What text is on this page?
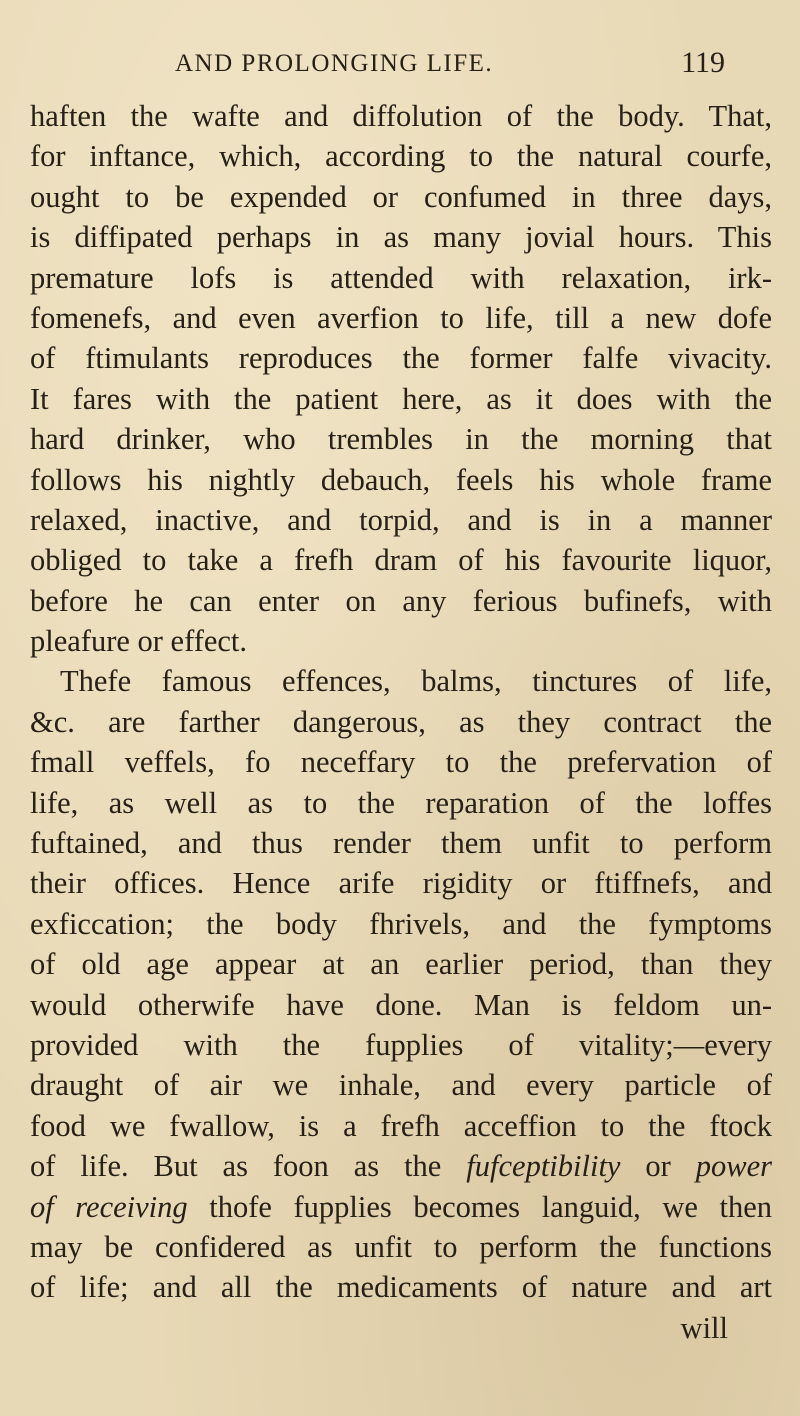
AND PROLONGING LIFE.	119
haften the wafte and diffolution of the body. That,
for inftance, which, according to the natural courfe,
ought to be expended or confumed in three days,
is diffipated perhaps in as many jovial hours. This
premature lofs is attended with relaxation, irk-
fomenefs, and even averfion to life, till a new dofe
of ftimulants reproduces the former falfe vivacity.
It fares with the patient here, as it does with the
hard drinker, who trembles in the morning that
follows his nightly debauch, feels his whole frame
relaxed, inactive, and torpid, and is in a manner
obliged to take a frefh dram of his favourite liquor,
before he can enter on any ferious bufinefs, with
pleafure or effect.
Thefe famous effences, balms, tinctures of life,
&c. are farther dangerous, as they contract the
fmall veffels, fo neceffary to the prefervation of
life, as well as to the reparation of the loffes
fuftained, and thus render them unfit to perform
their offices. Hence arife rigidity or ftiffnefs, and
exficcation; the body fhrivels, and the fymptoms
of old age appear at an earlier period, than they
would otherwife have done. Man is feldom un-
provided with the fupplies of vitality;—every
draught of air we inhale, and every particle of
food we fwallow, is a frefh acceffion to the ftock
of life. But as foon as the fufceptibility or power
of receiving thofe fupplies becomes languid, we then
may be confidered as unfit to perform the functions
of life; and all the medicaments of nature and art
will
